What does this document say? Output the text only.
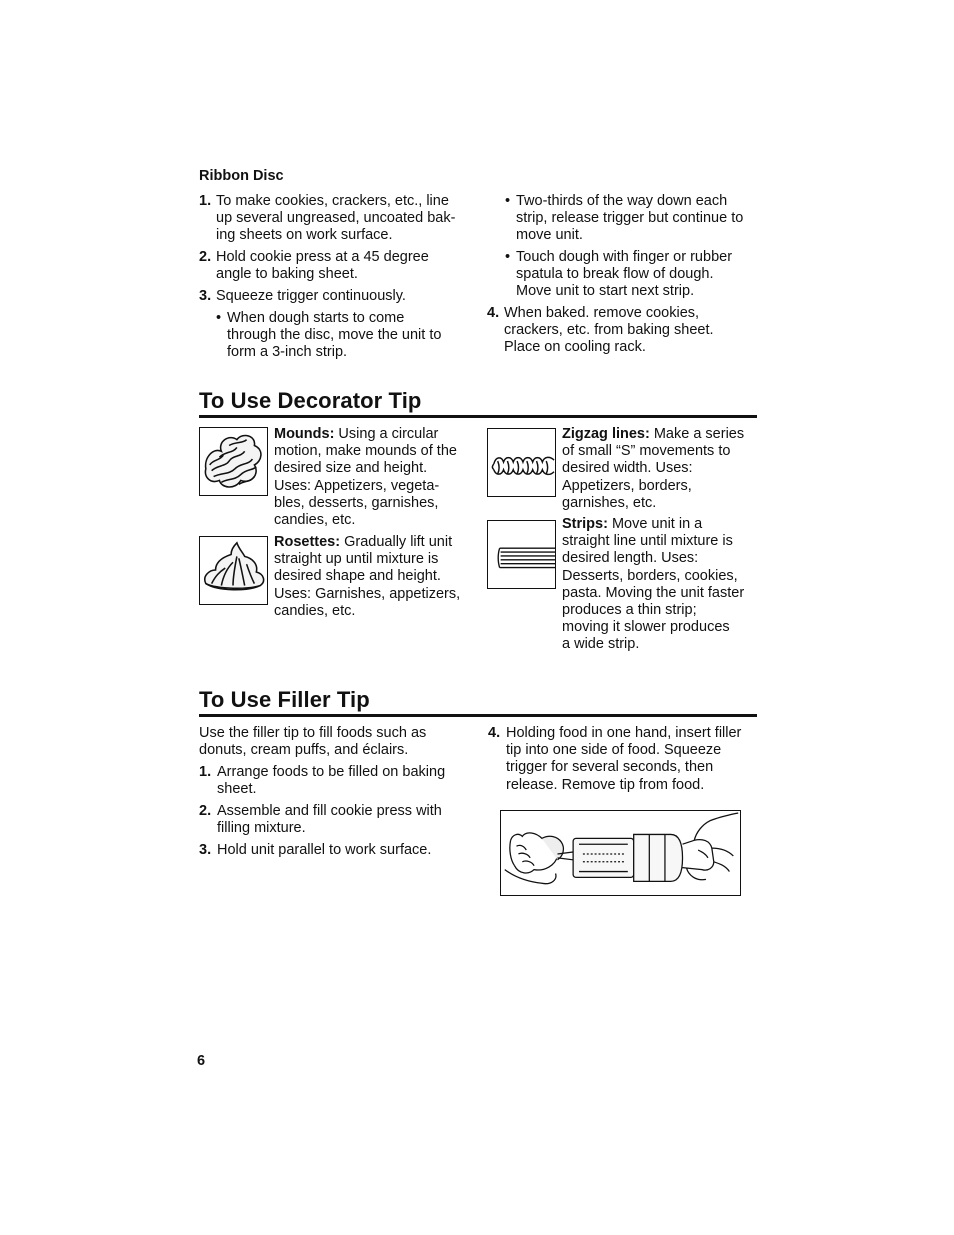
Ribbon Disc
1. To make cookies, crackers, etc., line
up several ungreased, uncoated bak-
ing sheets on work surface.
2. Hold cookie press at a 45 degree
angle to baking sheet.
3. Squeeze trigger continuously.
• When dough starts to come
through the disc, move the unit to
form a 3-inch strip.
• Two-thirds of the way down each
strip, release trigger but continue to
move unit.
• Touch dough with finger or rubber
spatula to break flow of dough.
Move unit to start next strip.
4. When baked. remove cookies,
crackers, etc. from baking sheet.
Place on cooling rack.
To Use Decorator Tip
Mounds: Using a circular
motion, make mounds of the
desired size and height.
Uses: Appetizers, vegeta-
bles, desserts, garnishes,
candies, etc.
Rosettes: Gradually lift unit
straight up until mixture is
desired shape and height.
Uses: Garnishes, appetizers,
candies, etc.
Zigzag lines: Make a series
of small “S” movements to
desired width. Uses:
Appetizers, borders,
garnishes, etc.
Strips: Move unit in a
straight line until mixture is
desired length. Uses:
Desserts, borders, cookies,
pasta. Moving the unit faster
produces a thin strip;
moving it slower produces
a wide strip.
To Use Filler Tip
Use the filler tip to fill foods such as
donuts, cream puffs, and éclairs.
1. Arrange foods to be filled on baking
sheet.
2. Assemble and fill cookie press with
filling mixture.
3. Hold unit parallel to work surface.
4. Holding food in one hand, insert filler
tip into one side of food. Squeeze
trigger for several seconds, then
release. Remove tip from food.
6
